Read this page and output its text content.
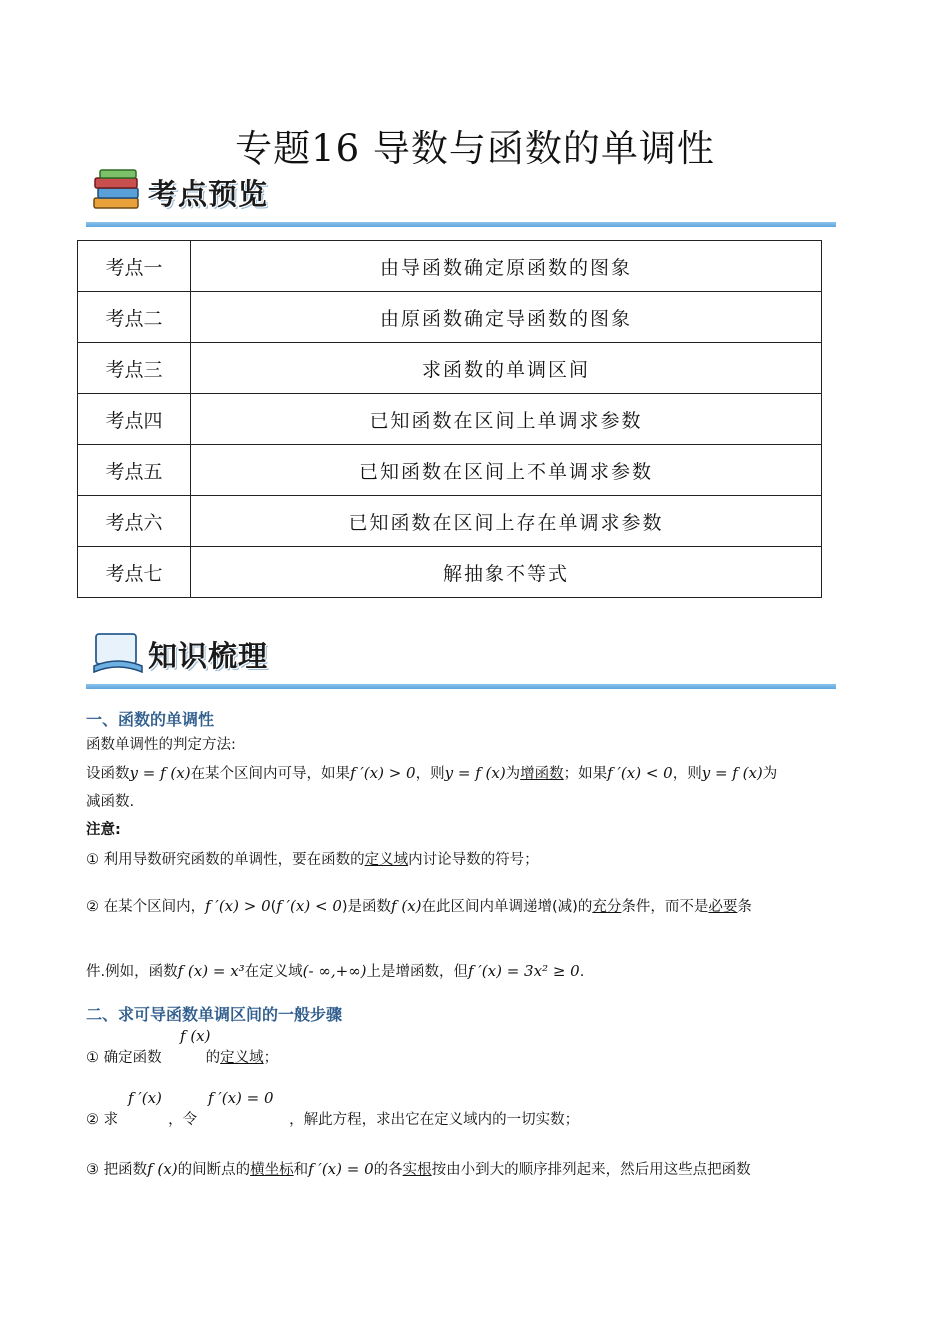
专题16 导数与函数的单调性
考点预览
考点一	由导函数确定原函数的图象
考点二	由原函数确定导函数的图象
考点三	求函数的单调区间
考点四	已知函数在区间上单调求参数
考点五	已知函数在区间上不单调求参数
考点六	已知函数在区间上存在单调求参数
考点七	解抽象不等式
知识梳理
一、函数的单调性
函数单调性的判定方法:
设函数y = f (x)在某个区间内可导，如果f ′(x) > 0，则y = f (x)为增函数；如果f ′(x) < 0，则y = f (x)为
减函数.
注意:
① 利用导数研究函数的单调性，要在函数的定义域内讨论导数的符号；
② 在某个区间内，f ′(x) > 0(f ′(x) < 0)是函数f (x)在此区间内单调递增(减)的充分条件，而不是必要条
件.例如，函数f (x) = x³在定义域(- ∞,+∞)上是增函数，但f ′(x) = 3x² ≥ 0.
二、求可导函数单调区间的一般步骤
f (x)
① 确定函数	的定义域；
f ′(x)	f ′(x) = 0
② 求	，令	，解此方程，求出它在定义域内的一切实数；
③ 把函数f (x)的间断点的横坐标和f ′(x) = 0的各实根按由小到大的顺序排列起来，然后用这些点把函数
